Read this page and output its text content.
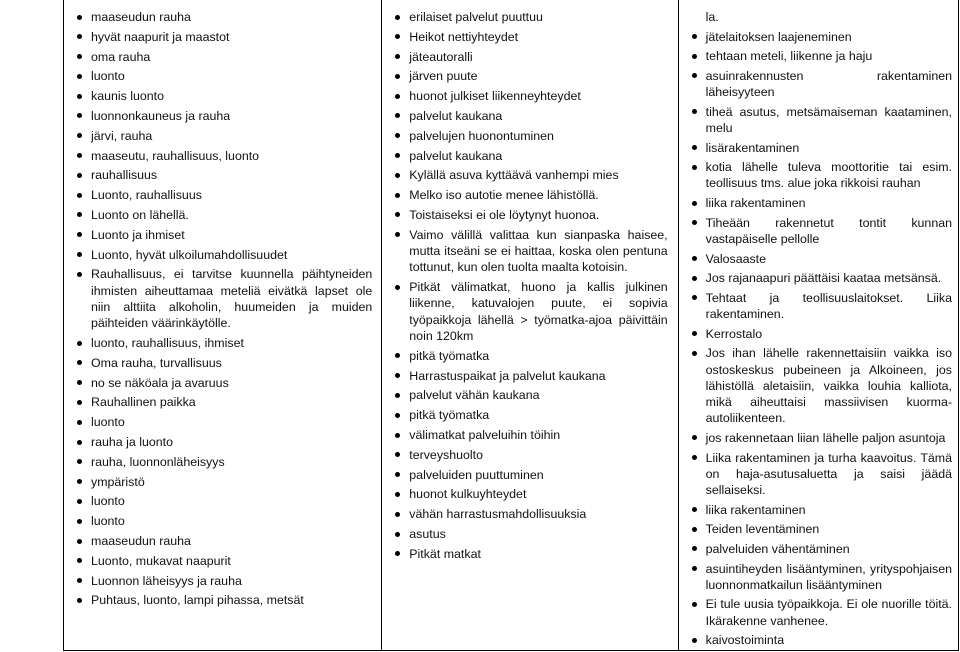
maaseudun rauha
hyvät naapurit ja maastot
oma rauha
luonto
kaunis luonto
luonnonkauneus ja rauha
järvi, rauha
maaseutu, rauhallisuus, luonto
rauhallisuus
Luonto, rauhallisuus
Luonto on lähellä.
Luonto ja ihmiset
Luonto, hyvät ulkoilumahdollisuudet
Rauhallisuus, ei tarvitse kuunnella päihtyneiden ihmisten aiheuttamaa meteliä eivätkä lapset ole niin alttiita alkoholin, huumeiden ja muiden päihteiden väärinkäytölle.
luonto, rauhallisuus, ihmiset
Oma rauha, turvallisuus
no se näköala ja avaruus
Rauhallinen paikka
luonto
rauha ja luonto
rauha, luonnonläheisyys
ympäristö
luonto
luonto
maaseudun rauha
Luonto, mukavat naapurit
Luonnon läheisyys ja rauha
Puhtaus, luonto, lampi pihassa, metsät
erilaiset palvelut puuttuu
Heikot nettiyhteydet
jäteautoralli
järven puute
huonot julkiset liikenneyhteydet
palvelut kaukana
palvelujen huonontuminen
palvelut kaukana
Kylällä asuva kyttäävä vanhempi mies
Melko iso autotie menee lähistöllä.
Toistaiseksi ei ole löytynyt huonoa.
Vaimo välillä valittaa kun sianpaska haisee, mutta itseäni se ei haittaa, koska olen pentuna tottunut, kun olen tuolta maalta kotoisin.
Pitkät välimatkat, huono ja kallis julkinen liikenne, katuvalojen puute, ei sopivia työpaikkoja lähellä > työmatka-ajoa päivittäin noin 120km
pitkä työmatka
Harrastuspaikat ja palvelut kaukana
palvelut vähän kaukana
pitkä työmatka
välimatkat palveluihin töihin
terveyshuolto
palveluiden puuttuminen
huonot kulkuyhteydet
vähän harrastusmahdollisuuksia
asutus
Pitkät matkat
la.
jätelaitoksen laajeneminen
tehtaan meteli, liikenne ja haju
asuinrakennusten rakentaminen läheisyyteen
tiheä asutus, metsämaiseman kaataminen, melu
lisärakentaminen
kotia lähelle tuleva moottoritie tai esim. teollisuus tms. alue joka rikkoisi rauhan
liika rakentaminen
Tiheään rakennetut tontit kunnan vastapäiselle pellolle
Valosaaste
Jos rajanaapuri päättäisi kaataa metsänsä.
Tehtaat ja teollisuuslaitokset. Liika rakentaminen.
Kerrostalo
Jos ihan lähelle rakennettaisiin vaikka iso ostoskeskus pubeineen ja Alkoineen, jos lähistöllä aletaisiin, vaikka louhia kalliota, mikä aiheuttaisi massiivisen kuorma-autoliikenteen.
jos rakennetaan liian lähelle paljon asuntoja
Liika rakentaminen ja turha kaavoitus. Tämä on haja-asutusaluetta ja saisi jäädä sellaiseksi.
liika rakentaminen
Teiden leventäminen
palveluiden vähentäminen
asuintiheyden lisääntyminen, yrityspohjaisen luonnonmatkailun lisääntyminen
Ei tule uusia työpaikkoja. Ei ole nuorille töitä. Ikärakenne vanhenee.
kaivostoiminta
